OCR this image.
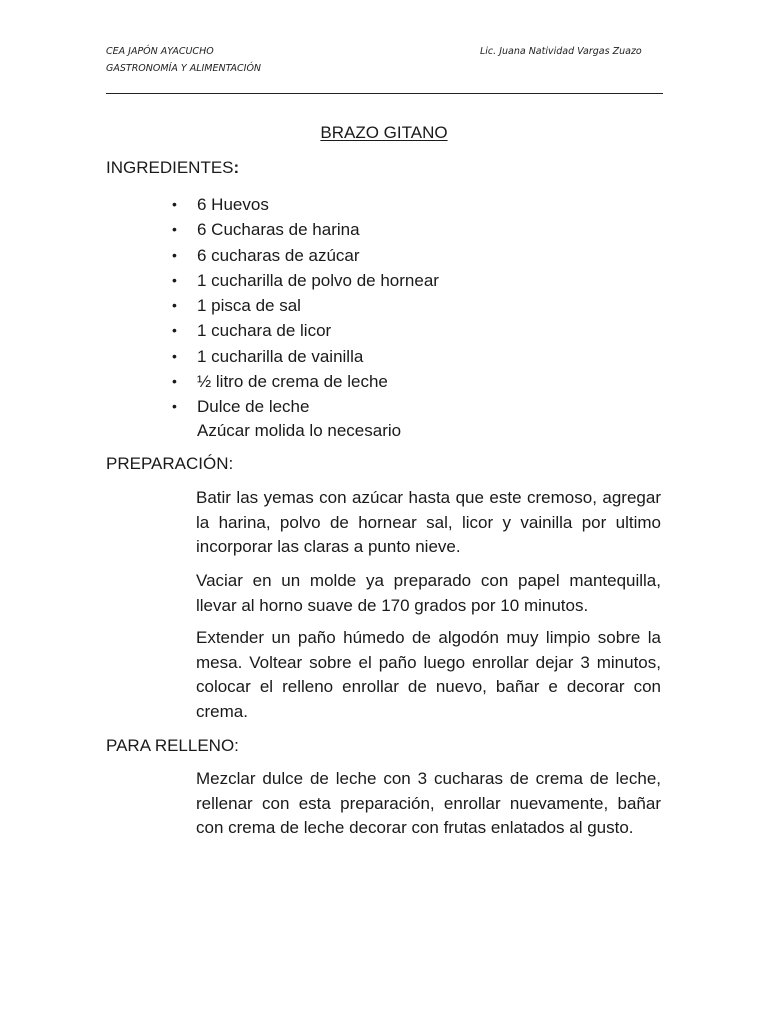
CEA JAPÓN AYACUCHO
GASTRONOMÍA Y ALIMENTACIÓN
Lic. Juana Natividad Vargas Zuazo
BRAZO GITANO
INGREDIENTES:
• 6 Huevos
• 6 Cucharas de harina
• 6 cucharas de azúcar
• 1 cucharilla de polvo de hornear
• 1 pisca de sal
• 1 cuchara de licor
• 1 cucharilla de vainilla
• ½ litro de crema de leche
• Dulce de leche
Azúcar molida lo necesario
PREPARACIÓN:

Batir las yemas con azúcar hasta que este cremoso, agregar la harina, polvo de hornear sal, licor y vainilla por ultimo incorporar las claras a punto nieve.

Vaciar en un molde ya preparado con papel mantequilla, llevar al horno suave de 170 grados por 10 minutos.

Extender un paño húmedo de algodón muy limpio sobre la mesa. Voltear sobre el paño luego enrollar dejar 3 minutos, colocar el relleno enrollar de nuevo, bañar e decorar con crema.

PARA RELLENO:

Mezclar dulce de leche con 3 cucharas de crema de leche, rellenar con esta preparación, enrollar nuevamente, bañar con crema de leche decorar con frutas enlatados al gusto.
